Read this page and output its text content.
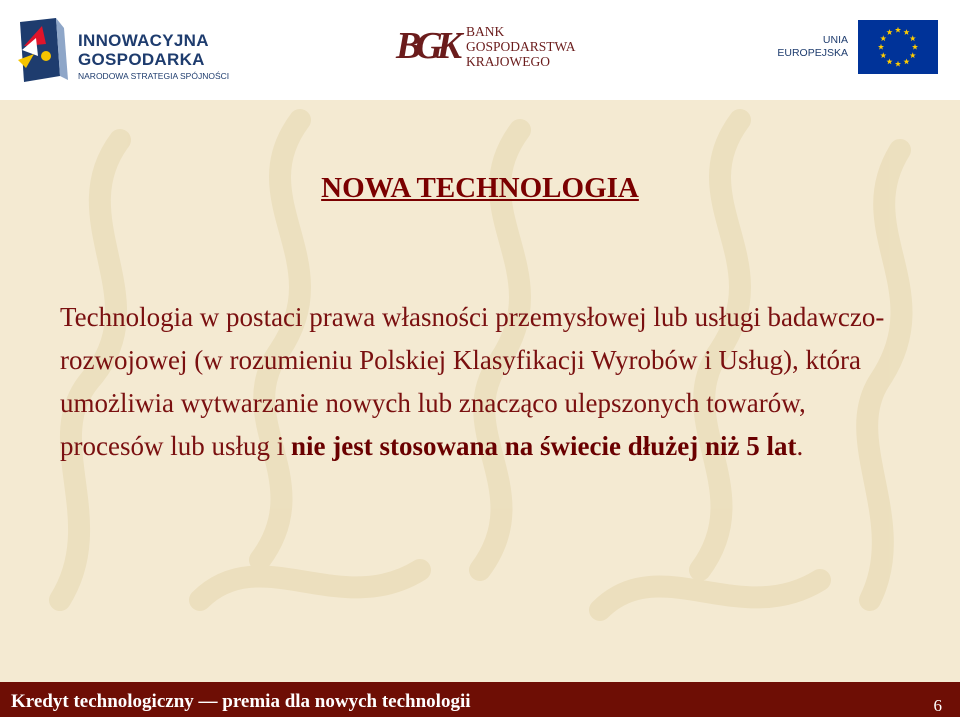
INNOWACYJNA
GOSPODARKA
NARODOWA STRATEGIA SPÓJNOŚCI
BGK BANK
GOSPODARSTWA
KRAJOWEGO
UNIA
EUROPEJSKA
NOWA TECHNOLOGIA
Technologia w postaci prawa własności przemysłowej lub usługi badawczo-rozwojowej (w rozumieniu Polskiej Klasyfikacji Wyrobów i Usług), która umożliwia wytwarzanie nowych lub znacząco ulepszonych towarów, procesów lub usług i nie jest stosowana na świecie dłużej niż 5 lat.
Kredyt technologiczny — premia dla nowych technologii	6
